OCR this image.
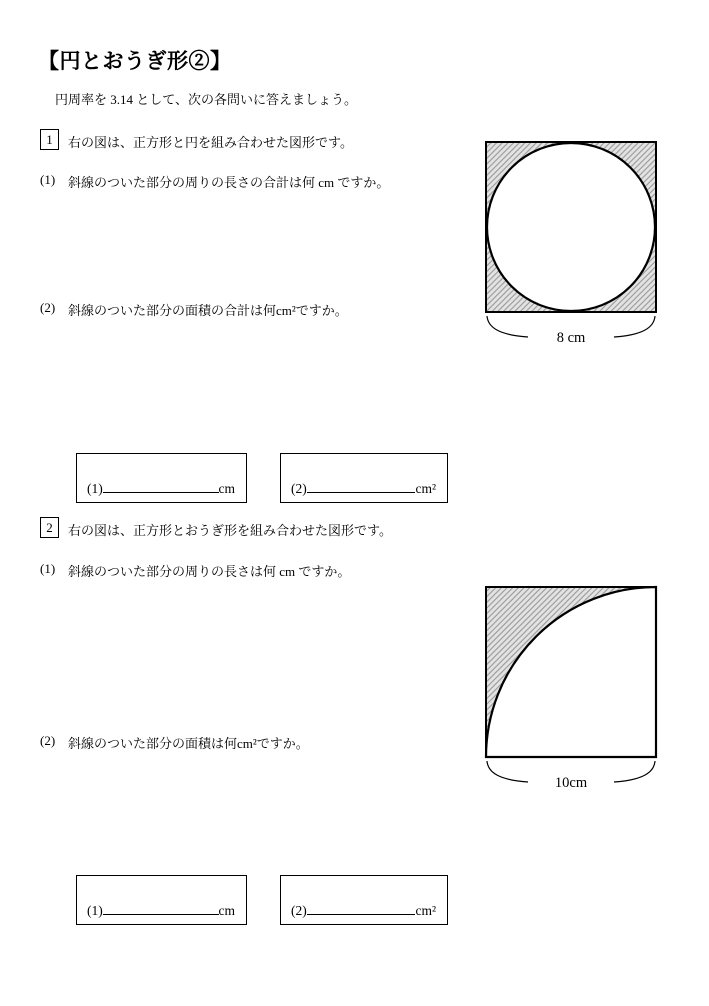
【円とおうぎ形②】
円周率を 3.14 として、次の各問いに答えましょう。
1 右の図は、正方形と円を組み合わせた図形です。
(1) 斜線のついた部分の周りの長さの合計は何 cm ですか。
(2) 斜線のついた部分の面積の合計は何cm²ですか。
8 cm
(1)	cm	(2)	cm²
2 右の図は、正方形とおうぎ形を組み合わせた図形です。
(1) 斜線のついた部分の周りの長さは何 cm ですか。
(2) 斜線のついた部分の面積は何cm²ですか。
10cm
(1)	cm	(2)	cm²
